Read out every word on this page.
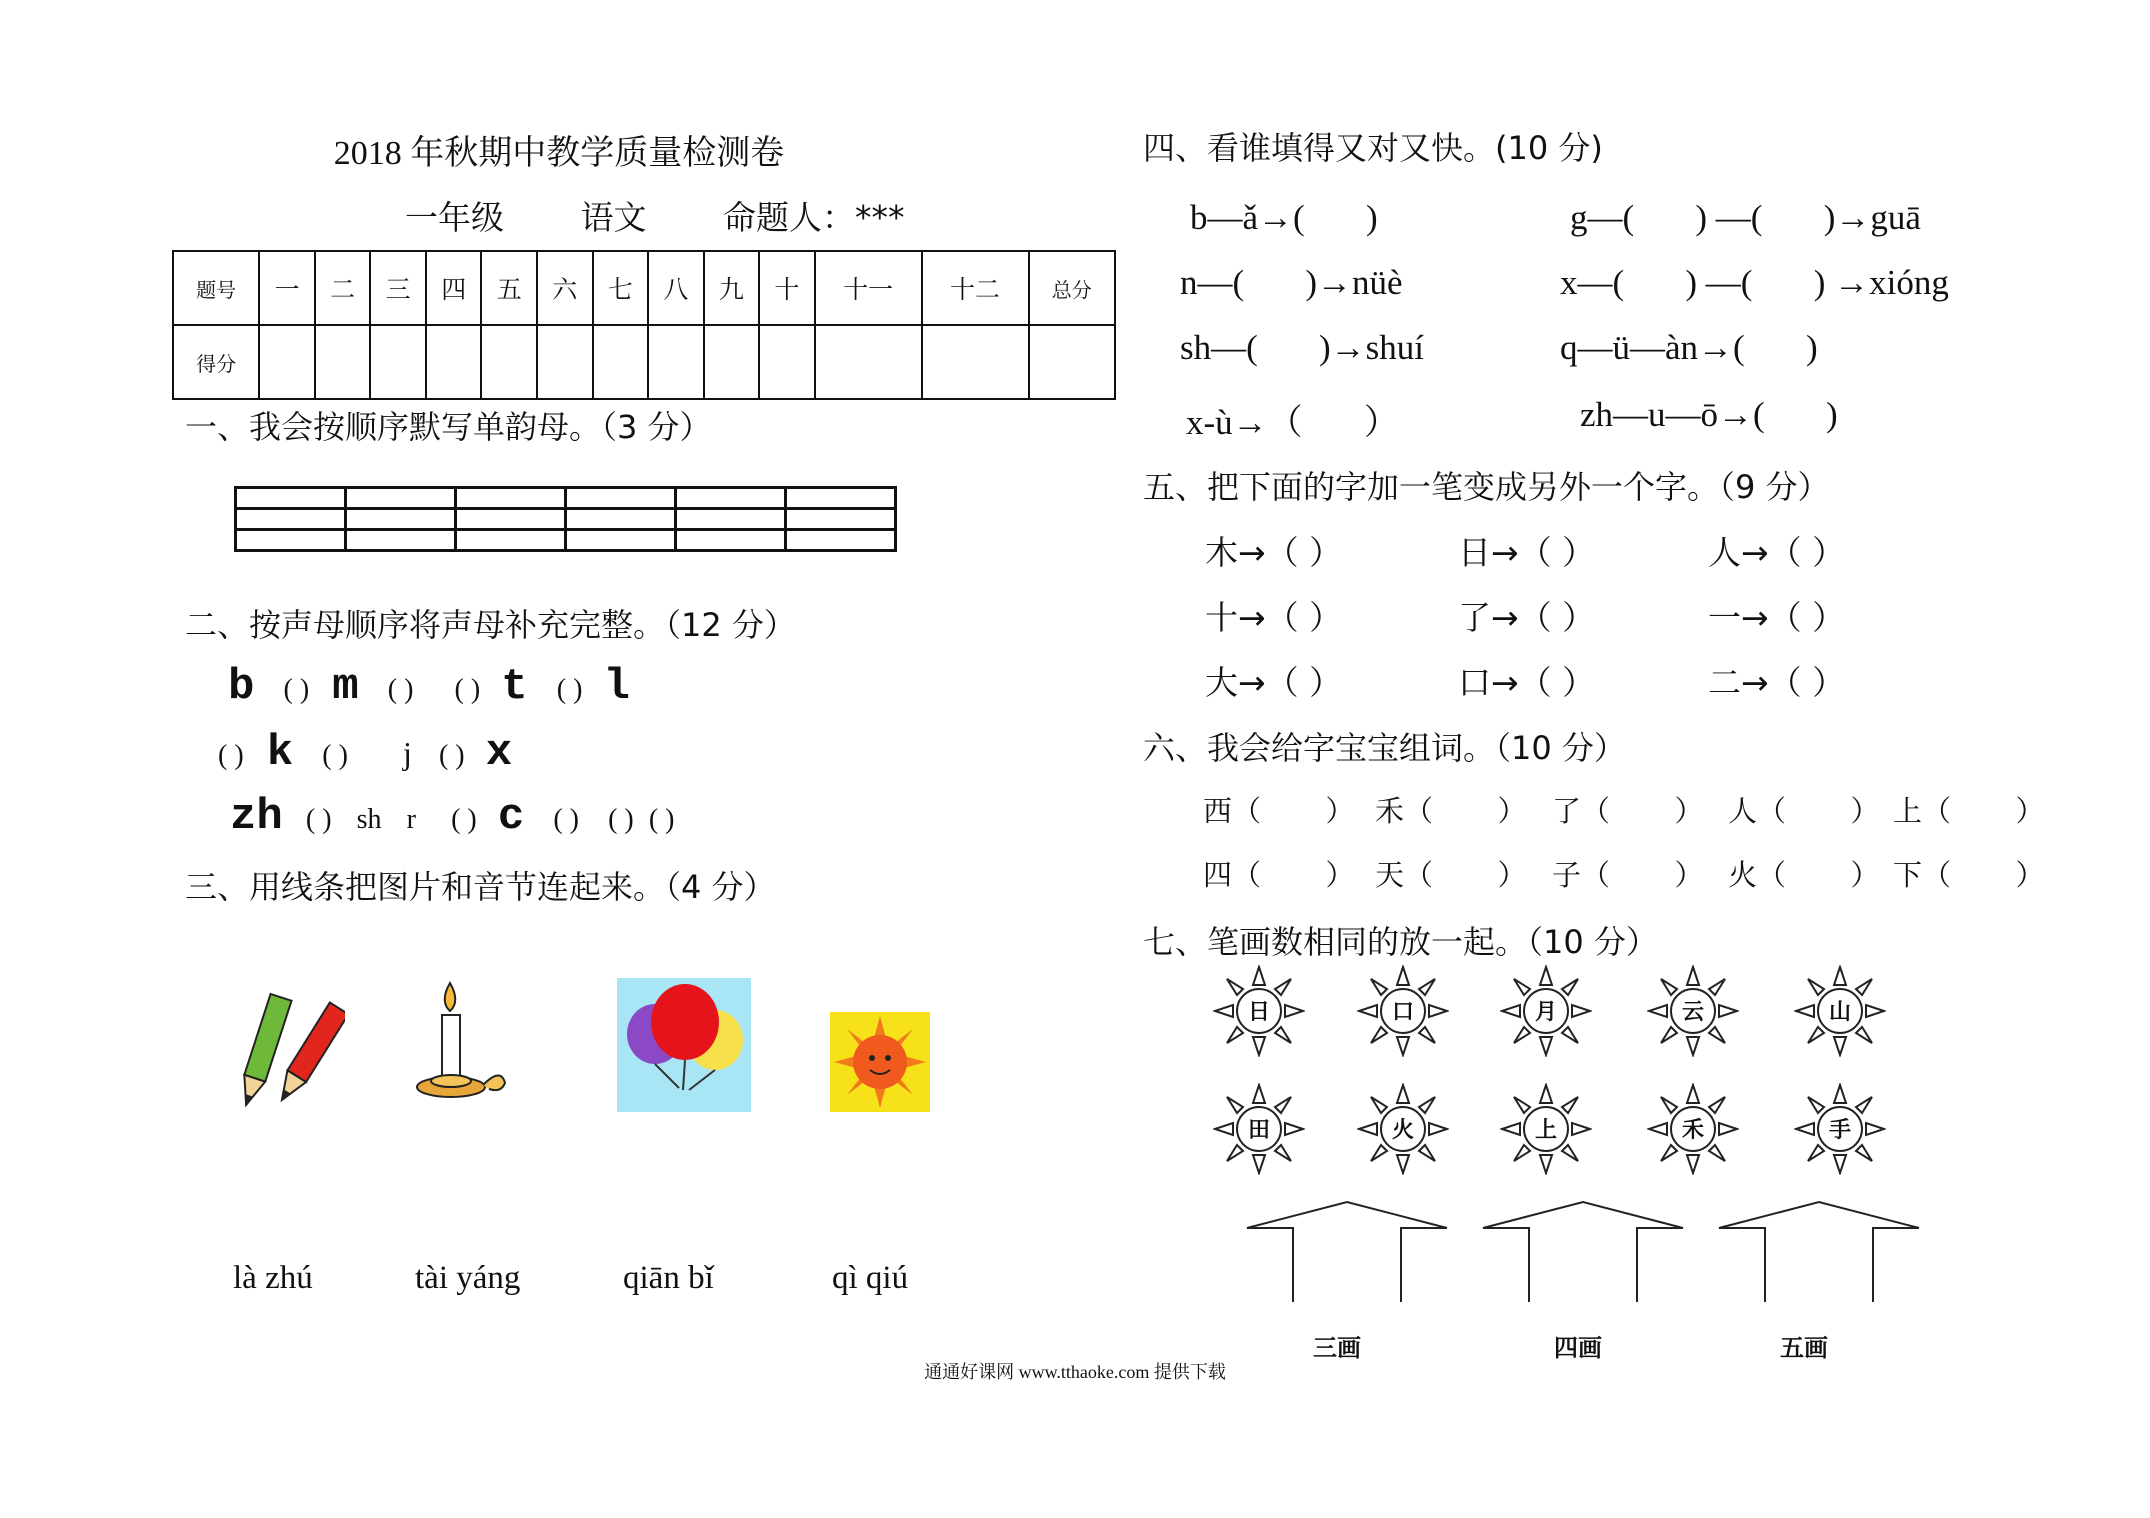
2018 年秋期中教学质量检测卷
一年级 语文 命题人：***
题号	一	二	三	四	五	六	七	八	九	十	十一	十二	总分
得分													
一、我会按顺序默写单韵母。（3 分）

二、按声母顺序将声母补充完整。（12 分）
b ( ) m ( ) ( ) t ( ) l
( ) k ( ) j ( ) x
zh ( ) sh r ( ) c ( ) ( ) ( )
三、用线条把图片和音节连起来。（4 分）
là zhú	tài yáng	qiān bǐ	qì qiú
四、看谁填得又对又快。(10 分)
b—ǎ→(       )	g—(       ) —(       )→guā
n—(       )→nüè	x—(       ) —(       ) →xióng
sh—(       )→shuí	q—ü—àn→(       )
x-ù→（       ）	zh—u—ō→(       )
五、把下面的字加一笔变成另外一个字。（9 分）
木→（ ）	日→（ ）	人→（ ）
十→（ ）	了→（ ）	一→（ ）
大→（ ）	口→（ ）	二→（ ）
六、我会给字宝宝组词。（10 分）
西（       ） 禾（       ） 了（       ） 人（       ） 上（       ）
四（       ） 天（       ） 子（       ） 火（       ） 下（       ）
七、笔画数相同的放一起。（10 分）
日	口	月	云	山
田	火	上	禾	手
三画	四画	五画
通通好课网 www.tthaoke.com 提供下载
